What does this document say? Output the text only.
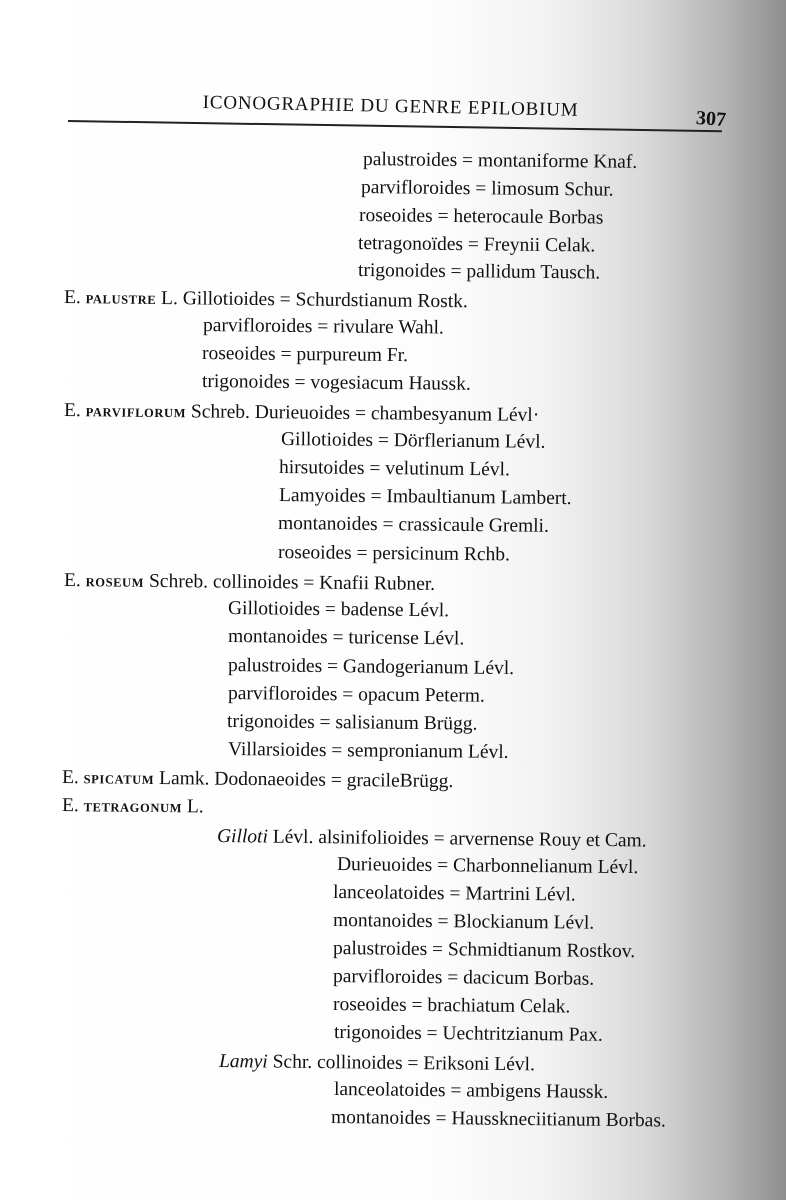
ICONOGRAPHIE DU GENRE EPILOBIUM	307
palustroides = montaniforme Knaf.
parvifloroides = limosum Schur.
roseoides = heterocaule Borbas
tetragonoïdes = Freynii Celak.
trigonoides = pallidum Tausch.
E. PALUSTRE L. Gillotioides = Schurdstianum Rostk.
parvifloroides = rivulare Wahl.
roseoides = purpureum Fr.
trigonoides = vogesiacum Haussk.
E. PARVIFLORUM Schreb. Durieuoides = chambesyanum Lévl·
Gillotioides = Dörflerianum Lévl.
hirsutoides = velutinum Lévl.
Lamyoides = Imbaultianum Lambert.
montanoides = crassicaule Gremli.
roseoides = persicinum Rchb.
E. ROSEUM Schreb. collinoides = Knafii Rubner.
Gillotioides = badense Lévl.
montanoides = turicense Lévl.
palustroides = Gandogerianum Lévl.
parvifloroides = opacum Peterm.
trigonoides = salisianum Brügg.
Villarsioides = sempronianum Lévl.
E. SPICATUM Lamk. Dodonaeoides = gracileBrügg.
E. TETRAGONUM L.
Gilloti Lévl. alsinifolioides = arvernense Rouy et Cam.
Durieuoides = Charbonnelianum Lévl.
lanceolatoides = Martrini Lévl.
montanoides = Blockianum Lévl.
palustroides = Schmidtianum Rostkov.
parvifloroides = dacicum Borbas.
roseoides = brachiatum Celak.
trigonoides = Uechtritzianum Pax.
Lamyi Schr. collinoides = Eriksoni Lévl.
lanceolatoides = ambigens Haussk.
montanoides = Hausskneciitianum Borbas.
